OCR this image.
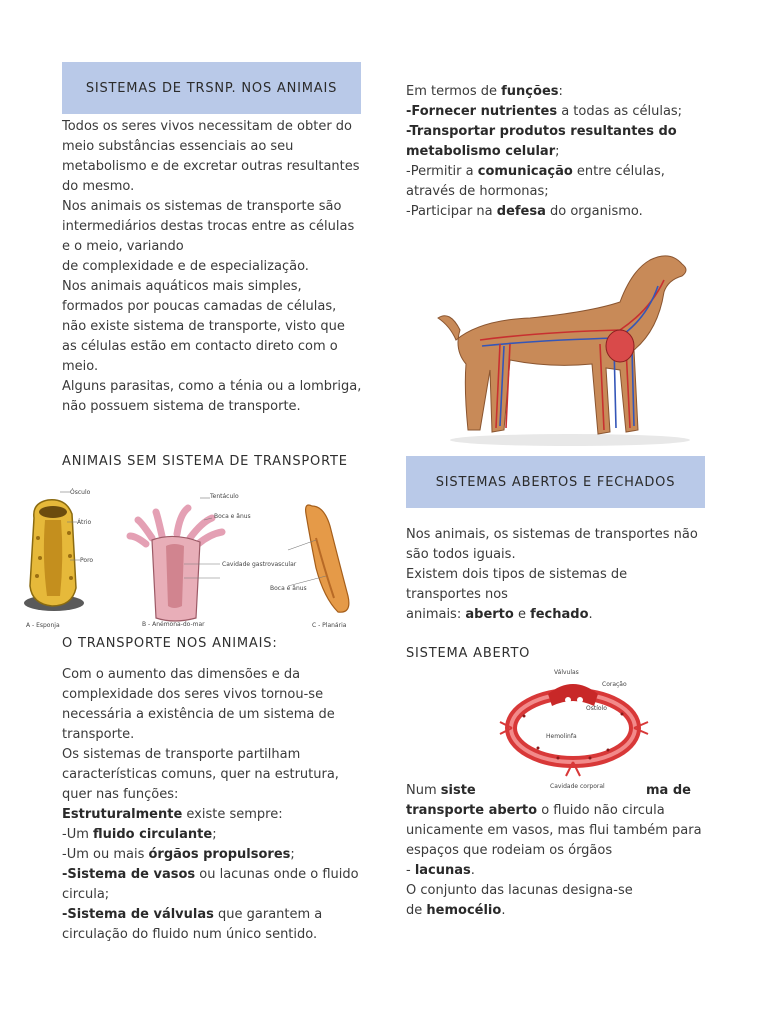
SISTEMAS DE TRSNP. NOS ANIMAIS

Todos os seres vivos necessitam de obter do meio substâncias essenciais ao seu metabolismo e de excretar outras resultantes do mesmo.

Nos animais os sistemas de transporte são intermediários destas trocas entre as células e o meio, variando

de complexidade e de especialização.

Nos animais aquáticos mais simples, formados por poucas camadas de células, não existe sistema de transporte, visto que as células estão em contacto direto com o meio.

Alguns parasitas, como a ténia ou a lombriga, não possuem sistema de transporte.

ANIMAIS SEM SISTEMA DE TRANSPORTE
Ósculo
Átrio
Poro
A - Esponja
Tentáculo
Boca e ânus
Cavidade gastrovascular
B - Anémona-do-mar
Boca e ânus
C - Planária
O TRANSPORTE NOS ANIMAIS:

Com o aumento das dimensões e da complexidade dos seres vivos tornou-se necessária a existência de um sistema de transporte.

Os sistemas de transporte partilham características comuns, quer na estrutura, quer nas funções:

Estruturalmente existe sempre:

-Um fluido circulante;

-Um ou mais órgãos propulsores;

-Sistema de vasos ou lacunas onde o fluido circula;

-Sistema de válvulas que garantem a circulação do fluido num único sentido.

Em termos de funções:

-Fornecer nutrientes a todas as células;

-Transportar produtos resultantes do metabolismo celular;

-Permitir a comunicação entre células, através de hormonas;

-Participar na defesa do organismo.

SISTEMAS ABERTOS E FECHADOS

Nos animais, os sistemas de transportes não são todos iguais.

Existem dois tipos de sistemas de transportes nos

animais: aberto e fechado.

SISTEMA ABERTO
Válvulas
Coração
Ostíolo
Hemolinfa
Cavidade corporal

Num siste	ma de

transporte aberto o fluido não circula unicamente em vasos, mas flui também para espaços que rodeiam os órgãos

- lacunas.

O conjunto das lacunas designa-se

de hemocélio.
